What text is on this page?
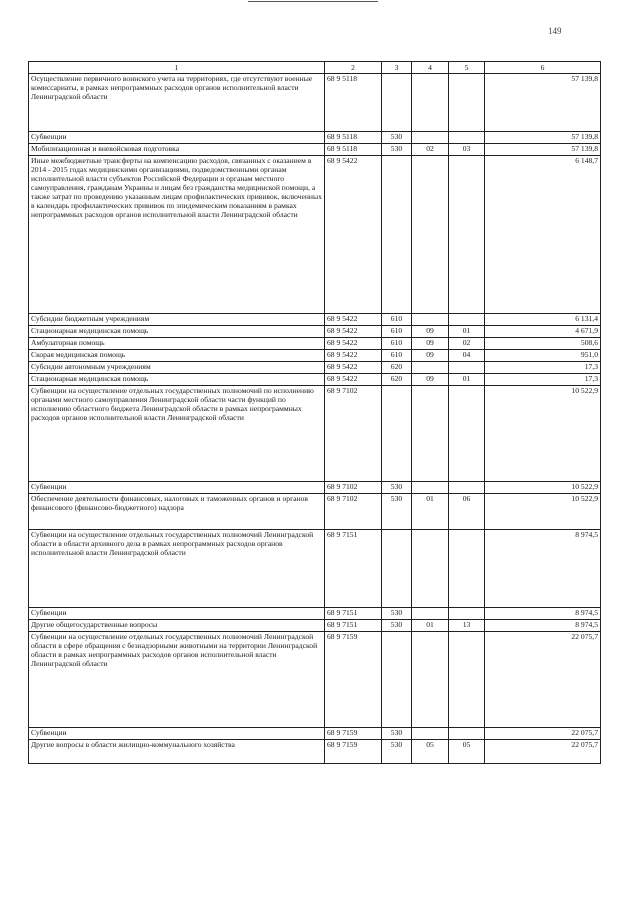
149
1	2	3	4	5	6
Осуществление первичного воинского учета на территориях, где отсутствуют военные комиссариаты, в рамках непрограммных расходов органов исполнительной власти Ленинградской области	68 9 5118				57 139,8
Субвенции	68 9 5118	530			57 139,8
Мобилизационная и вневойсковая подготовка	68 9 5118	530	02	03	57 139,8
Иные межбюджетные трансферты на компенсацию расходов, связанных с оказанием в 2014 - 2015 годах медицинскими организациями, подведомственными органам исполнительной власти субъектов Российской Федерации и органам местного самоуправления, гражданам Украины и лицам без гражданства медицинской помощи, а также затрат по проведению указанным лицам профилактических прививок, включенных в календарь профилактических прививок по эпидемическим показаниям в рамках непрограммных расходов органов исполнительной власти Ленинградской области	68 9 5422				6 148,7
Субсидии бюджетным учреждениям	68 9 5422	610			6 131,4
Стационарная медицинская помощь	68 9 5422	610	09	01	4 671,9
Амбулаторная помощь	68 9 5422	610	09	02	508,6
Скорая медицинская помощь	68 9 5422	610	09	04	951,0
Субсидии автономным учреждениям	68 9 5422	620			17,3
Стационарная медицинская помощь	68 9 5422	620	09	01	17,3
Субвенции на осуществление отдельных государственных полномочий по исполнению органами местного самоуправления Ленинградской области части функций по исполнению областного бюджета Ленинградской области в рамках непрограммных расходов органов исполнительной власти Ленинградской области	68 9 7102				10 522,9
Субвенции	68 9 7102	530			10 522,9
Обеспечение деятельности финансовых, налоговых и таможенных органов и органов финансового (финансово-бюджетного) надзора	68 9 7102	530	01	06	10 522,9
Субвенции на осуществление отдельных государственных полномочий Ленинградской области в области архивного дела в рамках непрограммных расходов органов исполнительной власти Ленинградской области	68 9 7151				8 974,5
Субвенции	68 9 7151	530			8 974,5
Другие общегосударственные вопросы	68 9 7151	530	01	13	8 974,5
Субвенции на осуществление отдельных государственных полномочий Ленинградской области в сфере обращения с безнадзорными животными на территории Ленинградской области в рамках непрограммных расходов органов исполнительной власти Ленинградской области	68 9 7159				22 075,7
Субвенции	68 9 7159	530			22 075,7
Другие вопросы в области жилищно-коммунального хозяйства	68 9 7159	530	05	05	22 075,7
